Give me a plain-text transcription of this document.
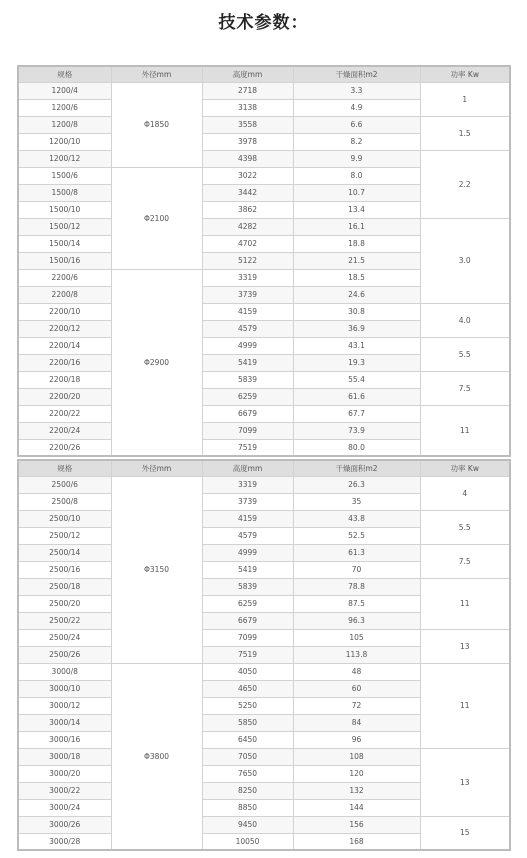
技术参数：
规格	外径mm	高度mm	干燥面积m2	功率 Kw
1200/4	Φ1850	2718	3.3	1
1200/6		3138	4.9	
1200/8		3558	6.6	1.5
1200/10		3978	8.2	
1200/12		4398	9.9	2.2
1500/6	Φ2100	3022	8.0	
1500/8		3442	10.7	
1500/10		3862	13.4	
1500/12		4282	16.1	3.0
1500/14		4702	18.8	
1500/16		5122	21.5	
2200/6	Φ2900	3319	18.5	
2200/8		3739	24.6	
2200/10		4159	30.8	4.0
2200/12		4579	36.9	
2200/14		4999	43.1	5.5
2200/16		5419	19.3	
2200/18		5839	55.4	7.5
2200/20		6259	61.6	
2200/22		6679	67.7	11
2200/24		7099	73.9	
2200/26		7519	80.0	
规格	外径mm	高度mm	干燥面积m2	功率 Kw
2500/6	Φ3150	3319	26.3	4
2500/8		3739	35	
2500/10		4159	43.8	5.5
2500/12		4579	52.5	
2500/14		4999	61.3	7.5
2500/16		5419	70	
2500/18		5839	78.8	11
2500/20		6259	87.5	
2500/22		6679	96.3	
2500/24		7099	105	13
2500/26		7519	113.8	
3000/8	Φ3800	4050	48	11
3000/10		4650	60	
3000/12		5250	72	
3000/14		5850	84	
3000/16		6450	96	
3000/18		7050	108	13
3000/20		7650	120	
3000/22		8250	132	
3000/24		8850	144	
3000/26		9450	156	15
3000/28		10050	168	
